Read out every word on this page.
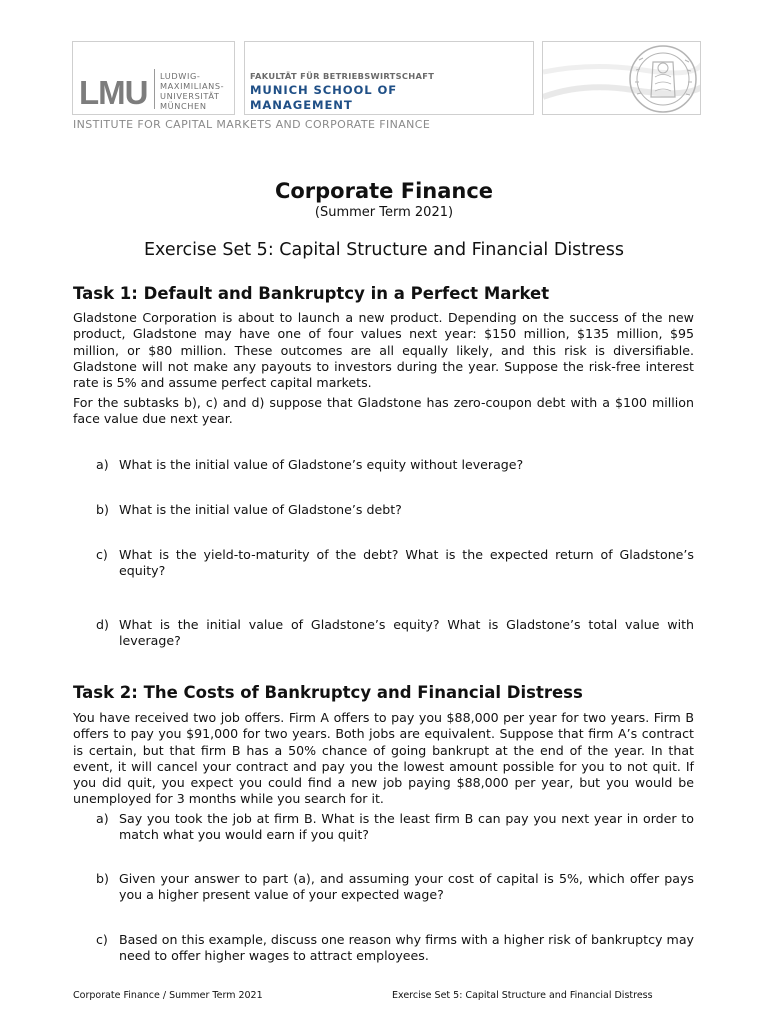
LMU LUDWIG-
MAXIMILIANS-
UNIVERSITÄT
MÜNCHEN
FAKULTÄT FÜR BETRIEBSWIRTSCHAFT
MUNICH SCHOOL OF
MANAGEMENT
INSTITUTE FOR CAPITAL MARKETS AND CORPORATE FINANCE
Corporate Finance
(Summer Term 2021)
Exercise Set 5: Capital Structure and Financial Distress
Task 1: Default and Bankruptcy in a Perfect Market

Gladstone Corporation is about to launch a new product. Depending on the success of the new product, Gladstone may have one of four values next year: $150 million, $135 million, $95 million, or $80 million. These outcomes are all equally likely, and this risk is diversifiable. Gladstone will not make any payouts to investors during the year. Suppose the risk-free interest rate is 5% and assume perfect capital markets.

For the subtasks b), c) and d) suppose that Gladstone has zero-coupon debt with a $100 million face value due next year.

a) What is the initial value of Gladstone’s equity without leverage?
b) What is the initial value of Gladstone’s debt?
c) What is the yield-to-maturity of the debt? What is the expected return of Gladstone’s equity?
d) What is the initial value of Gladstone’s equity? What is Gladstone’s total value with leverage?
Task 2: The Costs of Bankruptcy and Financial Distress

You have received two job offers. Firm A offers to pay you $88,000 per year for two years. Firm B offers to pay you $91,000 for two years. Both jobs are equivalent. Suppose that firm A’s contract is certain, but that firm B has a 50% chance of going bankrupt at the end of the year. In that event, it will cancel your contract and pay you the lowest amount possible for you to not quit. If you did quit, you expect you could find a new job paying $88,000 per year, but you would be unemployed for 3 months while you search for it.

a) Say you took the job at firm B. What is the least firm B can pay you next year in order to match what you would earn if you quit?
b) Given your answer to part (a), and assuming your cost of capital is 5%, which offer pays you a higher present value of your expected wage?
c) Based on this example, discuss one reason why firms with a higher risk of bankruptcy may need to offer higher wages to attract employees.
Corporate Finance / Summer Term 2021	Exercise Set 5: Capital Structure and Financial Distress
